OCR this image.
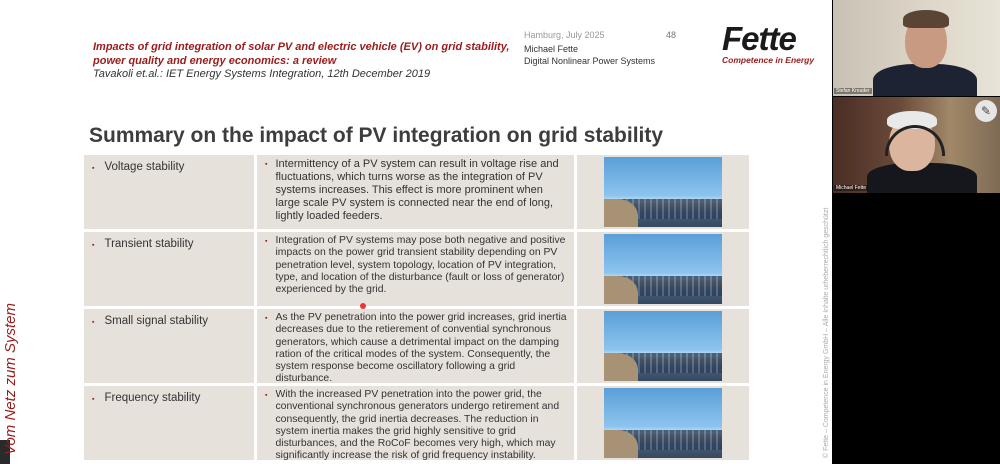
Impacts of grid integration of solar PV and electric vehicle (EV) on grid stability,
power quality and energy economics: a review
Tavakoli et.al.: IET Energy Systems Integration, 12th December 2019
Hamburg, July 2025	48
Michael Fette
Digital Nonlinear Power Systems
Fette
Competence in Energy
Summary on the impact of PV integration on grid stability
▪ Voltage stability	▪ Intermittency of a PV system can result in voltage rise and fluctuations, which turns worse as the integration of PV systems increases. This effect is more prominent when large scale PV system is connected near the end of long, lightly loaded feeders.
▪ Transient stability	▪ Integration of PV systems may pose both negative and positive impacts on the power grid transient stability depending on PV penetration level, system topology, location of PV integration, type, and location of the disturbance (fault or loss of generator) experienced by the grid.
▪ Small signal stability	▪ As the PV penetration into the power grid increases, grid inertia decreases due to the retierement of convential synchronous generators, which cause a detrimental impact on the damping ration of the critical modes of the system. Consequently, the system response become oscillatory following a grid disturbance.
▪ Frequency stability	▪ With the increased PV penetration into the power grid, the conventional synchronous generators undergo retirement and consequently, the grid inertia decreases. The reduction in system inertia makes the grid highly sensitive to grid disturbances, and the RoCoF becomes very high, which may significantly increase the risk of grid frequency instability.
Vom Netz zum System	© Fette – Competence in Energy GmbH – Alle Inhalte urheberrechtlich geschützt
Stefan Kreuder
Michael Fette
✎
